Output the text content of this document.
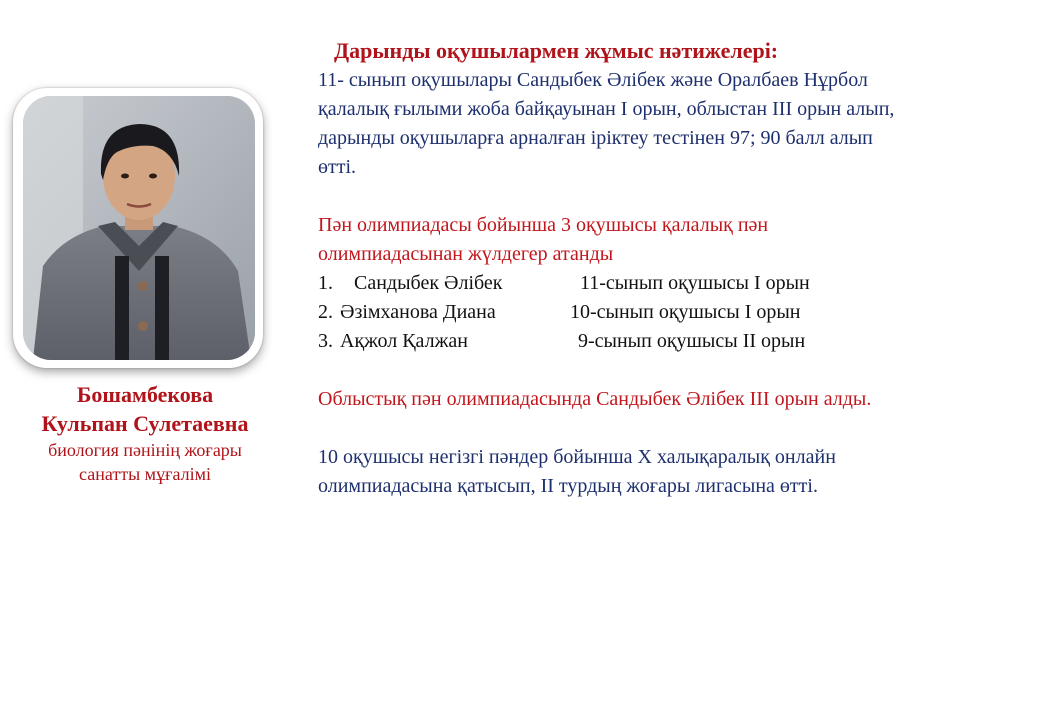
Бошамбекова
Кульпан Сулетаевна
биология пәнінің жоғары
санатты мұғалімі
Дарынды оқушылармен жұмыс нәтижелері:

11- сынып оқушылары Сандыбек Әлібек және Оралбаев Нұрбол

қалалық ғылыми жоба байқауынан І орын, облыстан ІІІ орын алып,

дарынды оқушыларға арналған іріктеу тестінен 97; 90 балл алып

өтті.

Пән олимпиадасы бойынша 3 оқушысы қалалық пән

олимпиадасынан жүлдегер атанды

1. Сандыбек Әлібек	11-сынып оқушысы І орын
2. Әзімханова Диана	10-сынып оқушысы І орын
3. Ақжол Қалжан	9-сынып оқушысы ІІ орын

Облыстық пән олимпиадасында Сандыбек Әлібек ІІІ орын алды.

10 оқушысы негізгі пәндер бойынша Х халықаралық онлайн

олимпиадасына қатысып, ІІ турдың жоғары лигасына өтті.
